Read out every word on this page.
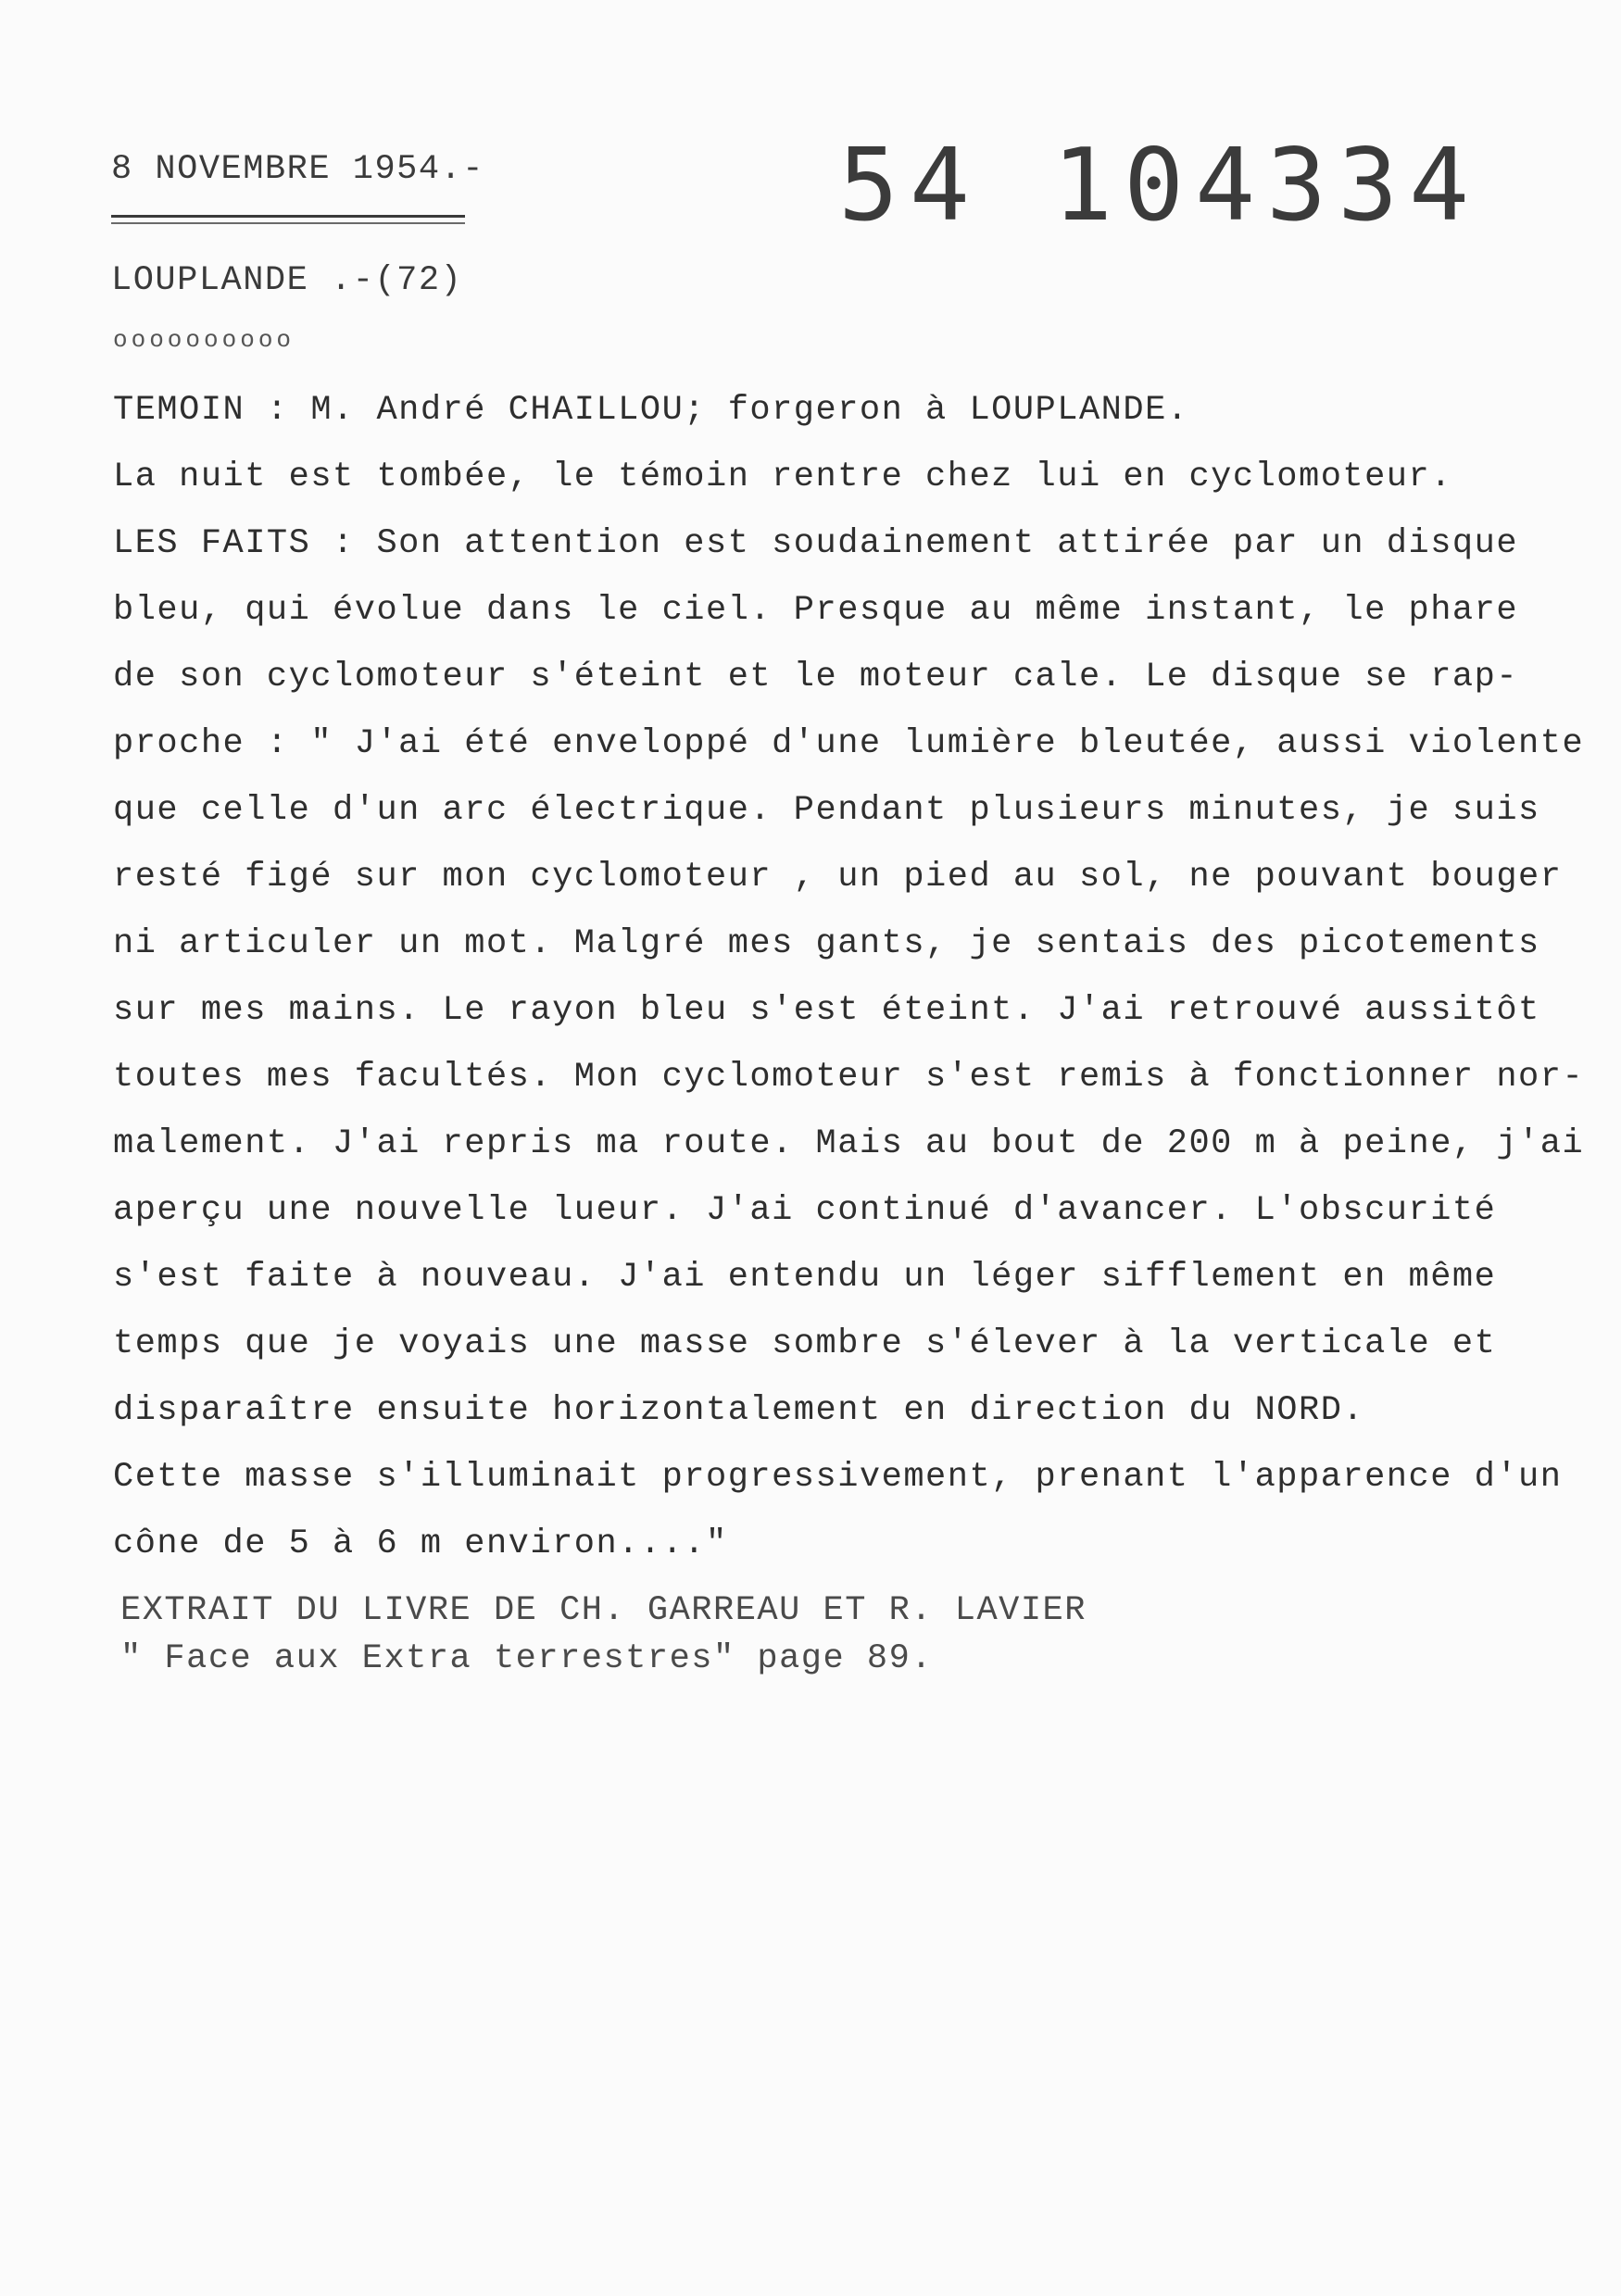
8 NOVEMBRE 1954.-	54 104334
LOUPLANDE .-(72)
oooooooooo
TEMOIN : M. André CHAILLOU; forgeron à LOUPLANDE.
La nuit est tombée, le témoin rentre chez lui en cyclomoteur.
LES FAITS : Son attention est soudainement attirée par un disque
bleu, qui évolue dans le ciel. Presque au même instant, le phare
de son cyclomoteur s'éteint et le moteur cale. Le disque se rap-
proche : " J'ai été enveloppé d'une lumière bleutée, aussi violente
que celle d'un arc électrique. Pendant plusieurs minutes, je suis
resté figé sur mon cyclomoteur , un pied au sol, ne pouvant bouger
ni articuler un mot. Malgré mes gants, je sentais des picotements
sur mes mains. Le rayon bleu s'est éteint. J'ai retrouvé aussitôt
toutes mes facultés. Mon cyclomoteur s'est remis à fonctionner nor-
malement. J'ai repris ma route. Mais au bout de 200 m à peine, j'ai
aperçu une nouvelle lueur. J'ai continué d'avancer. L'obscurité
s'est faite à nouveau. J'ai entendu un léger sifflement en même
temps que je voyais une masse sombre s'élever à la verticale et
disparaître ensuite horizontalement en direction du NORD.
Cette masse s'illuminait progressivement, prenant l'apparence d'un
cône de 5 à 6 m environ...."
EXTRAIT DU LIVRE DE CH. GARREAU ET R. LAVIER
" Face aux Extra terrestres" page 89.
